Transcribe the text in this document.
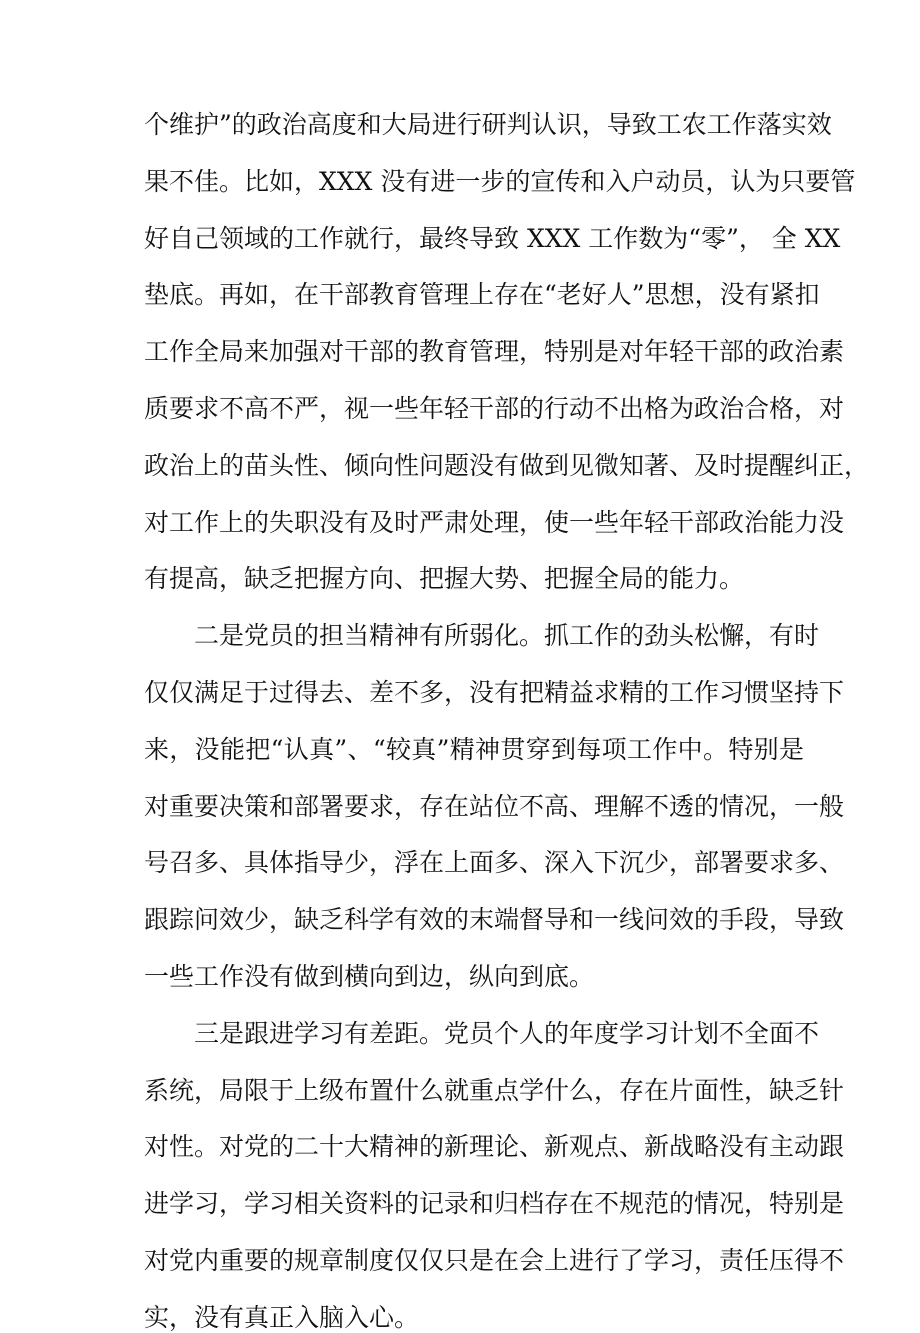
个维护”的政治高度和大局进行研判认识，导致工农工作落实效

果不佳。比如，XXX 没有进一步的宣传和入户动员，认为只要管

好自己领域的工作就行，最终导致 XXX 工作数为“零”， 全 XX

垫底。再如，在干部教育管理上存在“老好人”思想，没有紧扣

工作全局来加强对干部的教育管理，特别是对年轻干部的政治素

质要求不高不严，视一些年轻干部的行动不出格为政治合格，对

政治上的苗头性、倾向性问题没有做到见微知著、及时提醒纠正，

对工作上的失职没有及时严肃处理，使一些年轻干部政治能力没

有提高，缺乏把握方向、把握大势、把握全局的能力。

二是党员的担当精神有所弱化。抓工作的劲头松懈，有时

仅仅满足于过得去、差不多，没有把精益求精的工作习惯坚持下

来，没能把“认真”、“较真”精神贯穿到每项工作中。特别是

对重要决策和部署要求，存在站位不高、理解不透的情况，一般

号召多、具体指导少，浮在上面多、深入下沉少，部署要求多、

跟踪问效少，缺乏科学有效的末端督导和一线问效的手段，导致

一些工作没有做到横向到边，纵向到底。

三是跟进学习有差距。党员个人的年度学习计划不全面不

系统，局限于上级布置什么就重点学什么，存在片面性，缺乏针

对性。对党的二十大精神的新理论、新观点、新战略没有主动跟

进学习，学习相关资料的记录和归档存在不规范的情况，特别是

对党内重要的规章制度仅仅只是在会上进行了学习，责任压得不

实，没有真正入脑入心。
